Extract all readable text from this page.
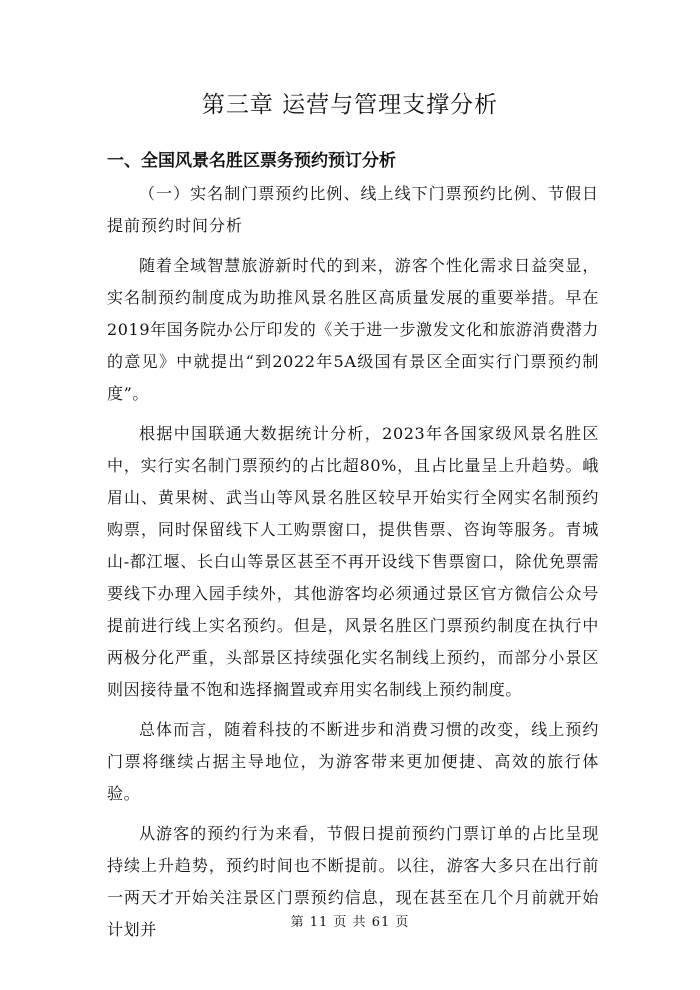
第三章 运营与管理支撑分析
一、全国风景名胜区票务预约预订分析

（一）实名制门票预约比例、线上线下门票预约比例、节假日提前预约时间分析

随着全域智慧旅游新时代的到来，游客个性化需求日益突显，实名制预约制度成为助推风景名胜区高质量发展的重要举措。早在2019年国务院办公厅印发的《关于进一步激发文化和旅游消费潜力的意见》中就提出“到2022年5A级国有景区全面实行门票预约制度”。

根据中国联通大数据统计分析，2023年各国家级风景名胜区中，实行实名制门票预约的占比超80%，且占比量呈上升趋势。峨眉山、黄果树、武当山等风景名胜区较早开始实行全网实名制预约购票，同时保留线下人工购票窗口，提供售票、咨询等服务。青城山-都江堰、长白山等景区甚至不再开设线下售票窗口，除优免票需要线下办理入园手续外，其他游客均必须通过景区官方微信公众号提前进行线上实名预约。但是，风景名胜区门票预约制度在执行中两极分化严重，头部景区持续强化实名制线上预约，而部分小景区则因接待量不饱和选择搁置或弃用实名制线上预约制度。

总体而言，随着科技的不断进步和消费习惯的改变，线上预约门票将继续占据主导地位，为游客带来更加便捷、高效的旅行体验。

从游客的预约行为来看，节假日提前预约门票订单的占比呈现持续上升趋势，预约时间也不断提前。以往，游客大多只在出行前一两天才开始关注景区门票预约信息，现在甚至在几个月前就开始计划并	第 11 页 共 61 页
